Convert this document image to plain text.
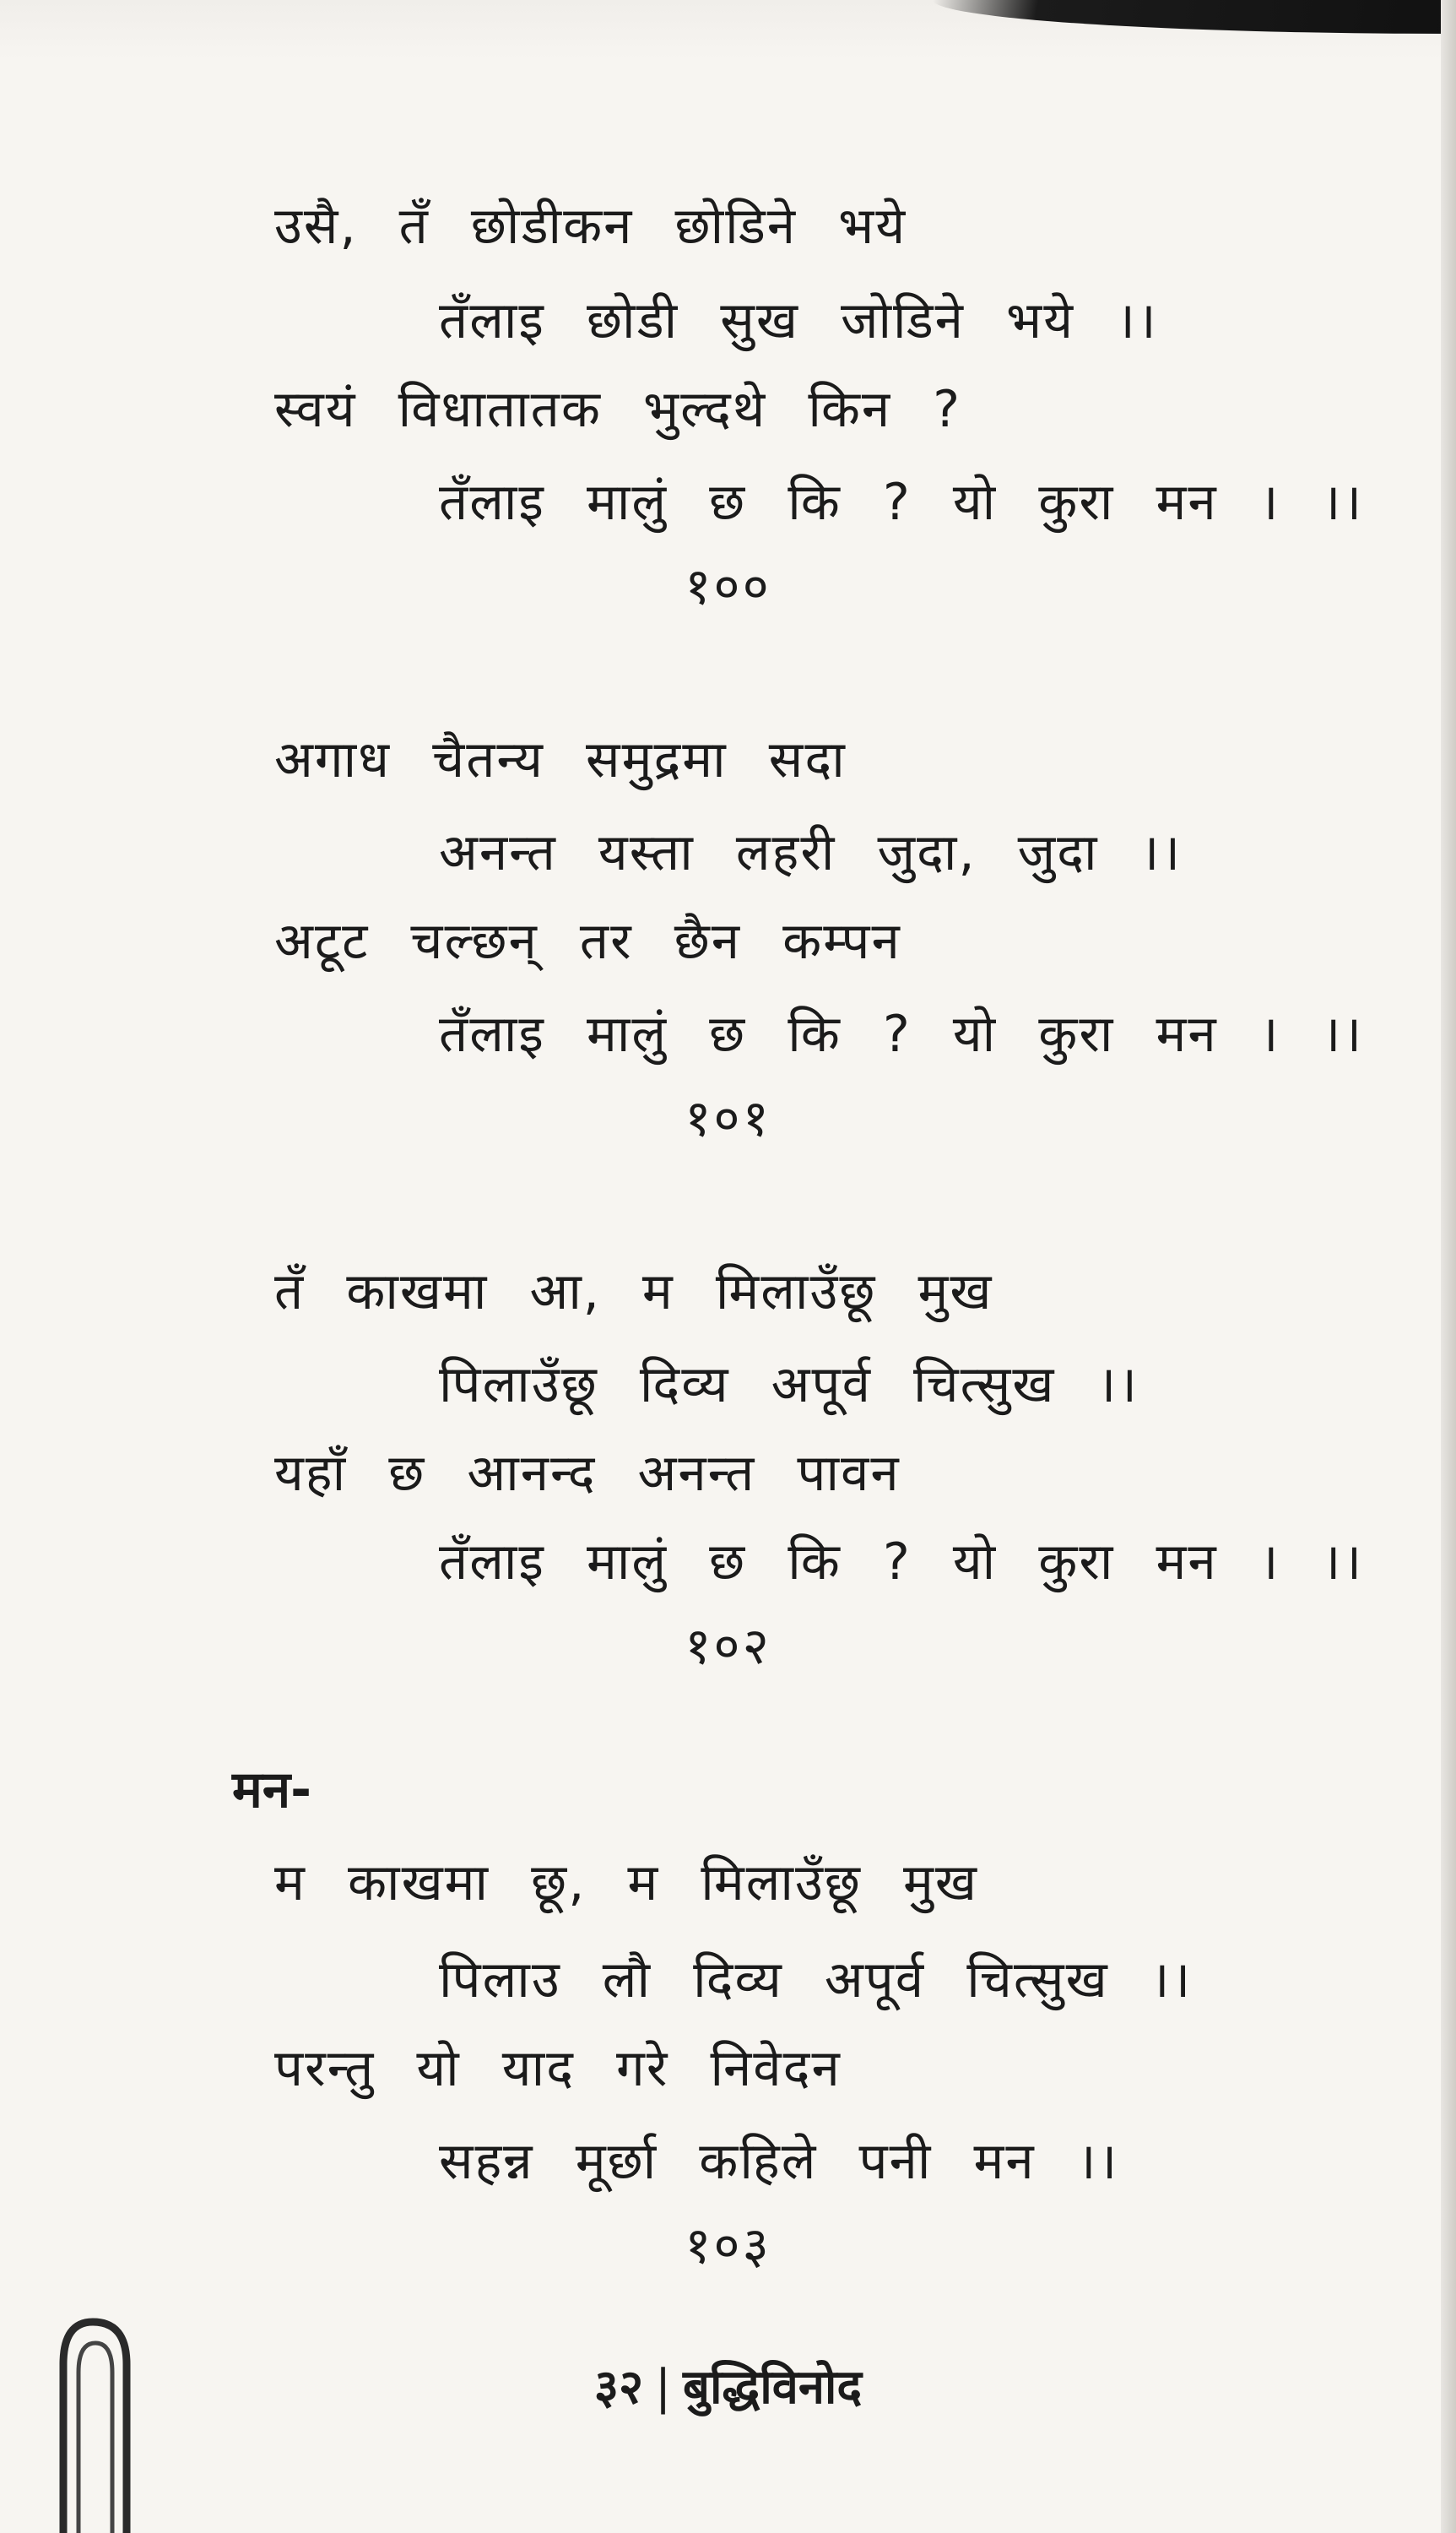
उसै, तँ छोडीकन छोडिने भये
तँलाइ छोडी सुख जोडिने भये ।।
स्वयं विधातातक भुल्दथे किन ?
तँलाइ मालुं छ कि ? यो कुरा मन । ।।
१००
अगाध चैतन्य समुद्रमा सदा
अनन्त यस्ता लहरी जुदा, जुदा ।।
अटूट चल्छन् तर छैन कम्पन
तँलाइ मालुं छ कि ? यो कुरा मन । ।।
१०१
तँ काखमा आ, म मिलाउँछू मुख
पिलाउँछू दिव्य अपूर्व चित्सुख ।।
यहाँ छ आनन्द अनन्त पावन
तँलाइ मालुं छ कि ? यो कुरा मन । ।।
१०२
मन-
म काखमा छू, म मिलाउँछू मुख
पिलाउ लौ दिव्य अपूर्व चित्सुख ।।
परन्तु यो याद गरे निवेदन
सहन्न मूर्छा कहिले पनी मन ।।
१०३
३२ | बुद्धिविनोद
